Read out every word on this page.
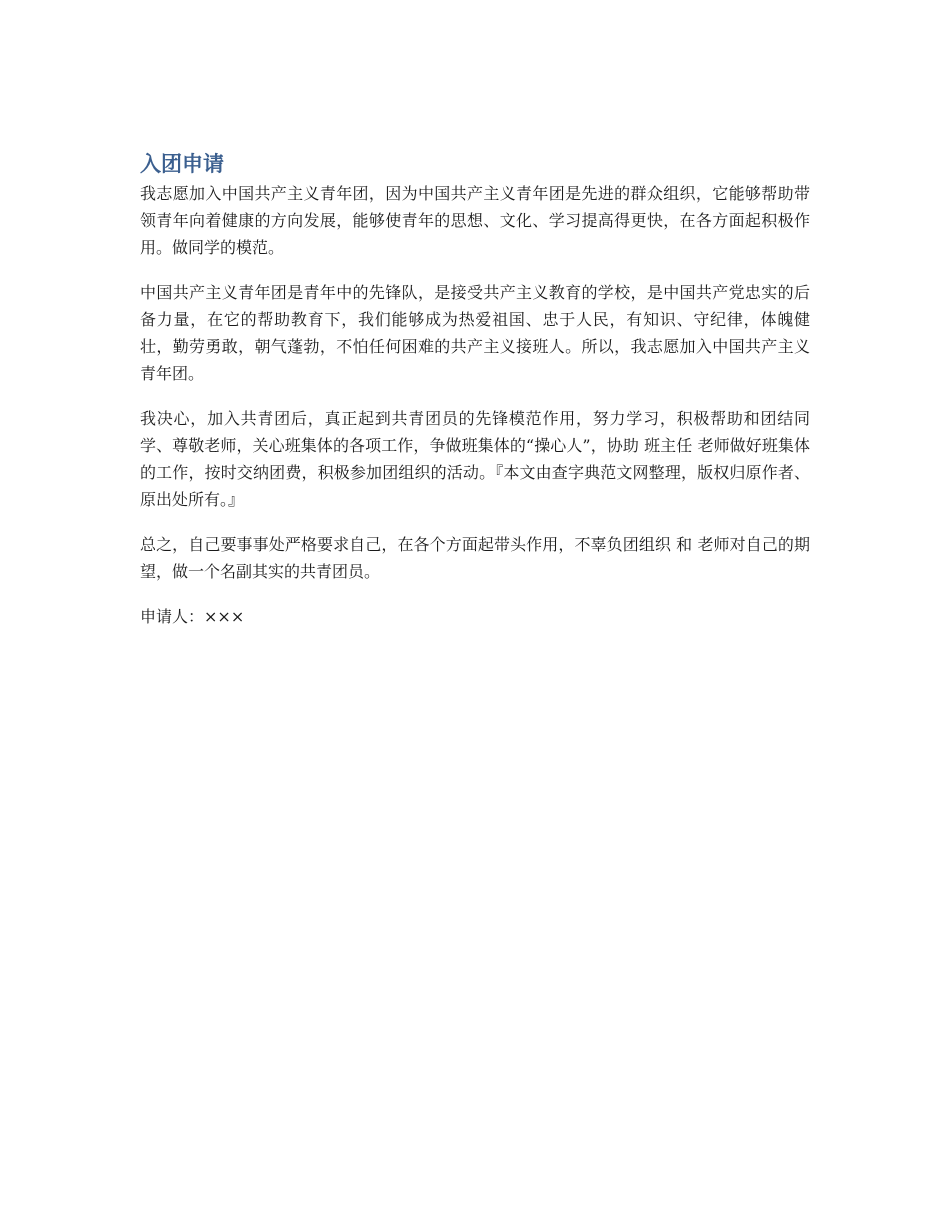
入团申请

我志愿加入中国共产主义青年团，因为中国共产主义青年团是先进的群众组织，它能够帮助带领青年向着健康的方向发展，能够使青年的思想、文化、学习提高得更快，在各方面起积极作用。做同学的模范。

中国共产主义青年团是青年中的先锋队，是接受共产主义教育的学校，是中国共产党忠实的后备力量，在它的帮助教育下，我们能够成为热爱祖国、忠于人民，有知识、守纪律，体魄健壮，勤劳勇敢，朝气蓬勃，不怕任何困难的共产主义接班人。所以，我志愿加入中国共产主义青年团。

我决心，加入共青团后，真正起到共青团员的先锋模范作用，努力学习，积极帮助和团结同学、尊敬老师，关心班集体的各项工作，争做班集体的“操心人”，协助 班主任 老师做好班集体的工作，按时交纳团费，积极参加团组织的活动。『本文由查字典范文网整理，版权归原作者、原出处所有。』

总之，自己要事事处严格要求自己，在各个方面起带头作用，不辜负团组织 和 老师对自己的期望，做一个名副其实的共青团员。

申请人：×××
